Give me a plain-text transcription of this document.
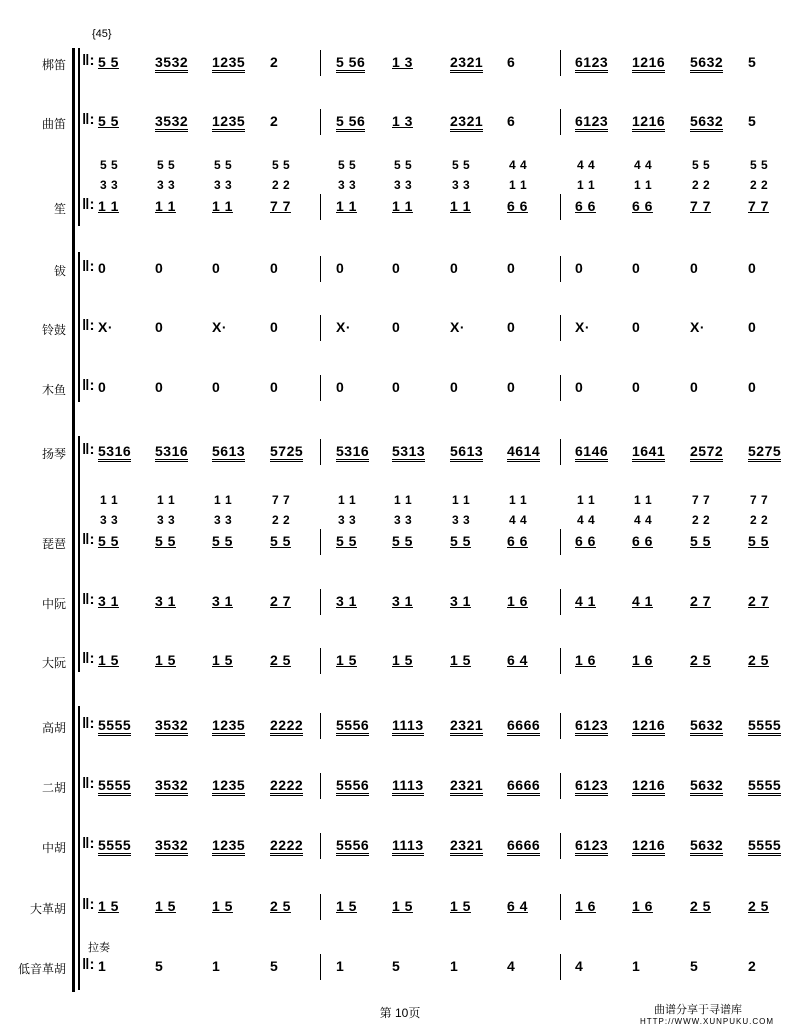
{45}
拉奏
梆笛 ‖: 5 5	3532 1235 2	5 56 1 3	2321 6	6123 1216 5632 5
曲笛 ‖: 5 5	3532 1235 2	5 56 1 3	2321 6	6123 1216 5632 5
笙 ‖: 1 1	1 1	1 1	7 7	1 1	1 1	1 1	6 6	6 6	6 6	7 7	7 7
5 5	5 5	5 5	5 5	5 5	5 5	5 5	4 4	4 4	4 4	5 5	5 5
3 3	3 3	3 3	2 2	3 3	3 3	3 3	1 1	1 1	1 1	2 2	2 2
钹 ‖: 0	0	0	0	0	0	0	0	0	0	0	0
铃鼓 ‖: X·	0	X·	0	X·	0	X·	0	X·	0	X·	0
木鱼 ‖: 0	0	0	0	0	0	0	0	0	0	0	0
扬琴 ‖: 5316 5316 5613 5725 5316 5313 5613 4614 6146 1641 2572 5275
琵琶 ‖: 5 5	5 5	5 5	5 5	5 5	5 5	5 5	6 6	6 6	6 6	5 5	5 5
1 1	1 1	1 1	7 7	1 1	1 1	1 1	1 1	1 1	1 1	7 7	7 7
3 3	3 3	3 3	2 2	3 3	3 3	3 3	4 4	4 4	4 4	2 2	2 2
中阮 ‖: 3 1	3 1	3 1	2 7	3 1	3 1	3 1	1 6	4 1	4 1	2 7	2 7
大阮 ‖: 1 5	1 5	1 5	2 5	1 5	1 5	1 5	6 4	1 6	1 6	2 5	2 5
高胡 ‖: 5555 3532 1235 2222 5556 1113 2321 6666 6123 1216 5632 5555
二胡 ‖: 5555 3532 1235 2222 5556 1113 2321 6666 6123 1216 5632 5555
中胡 ‖: 5555 3532 1235 2222 5556 1113 2321 6666 6123 1216 5632 5555
大革胡 ‖: 1 5	1 5	1 5	2 5	1 5	1 5	1 5	6 4	1 6	1 6	2 5	2 5
低音革胡 ‖: 1	5	1	5	1	5	1	4	4	1	5	2
第 10页	曲谱分享于寻谱库
HTTP://WWW.XUNPUKU.COM
